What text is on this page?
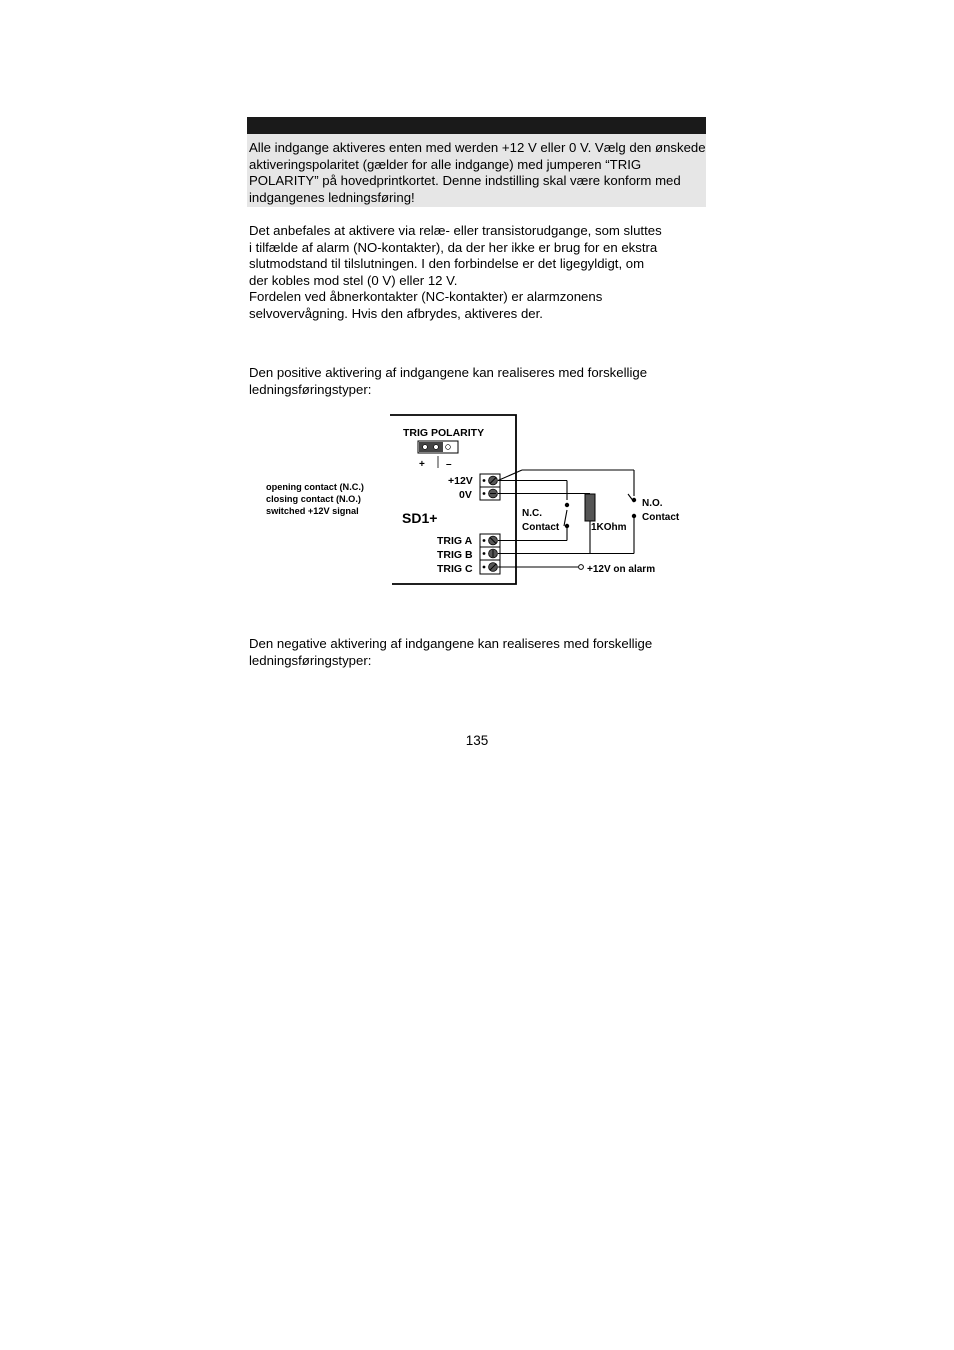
Alle indgange aktiveres enten med werden +12 V eller 0 V. Vælg den ønskede aktiveringspolaritet (gælder for alle indgange) med jumperen “TRIG POLARITY” på hovedprintkortet. Denne indstilling skal være konform med indgangenes ledningsføring!

Det anbefales at aktivere via relæ- eller transistorudgange, som sluttes
i tilfælde af alarm (NO-kontakter), da der her ikke er brug for en ekstra
slutmodstand til tilslutningen. I den forbindelse er det ligegyldigt, om
der kobles mod stel (0 V) eller 12 V.

Fordelen ved åbnerkontakter (NC-kontakter) er alarmzonens
selvovervågning. Hvis den afbrydes, aktiveres der.

Den positive aktivering af indgangene kan realiseres med forskellige
ledningsføringstyper:

TRIG POLARITY
+ –
opening contact (N.C.)
closing contact (N.O.)
switched +12V signal	SD1+
+12V
0V
TRIG A
TRIG B
TRIG C
N.C.
Contact	1KOhm
N.O.
Contact
+12V on alarm

Den negative aktivering af indgangene kan realiseres med forskellige
ledningsføringstyper:

135
